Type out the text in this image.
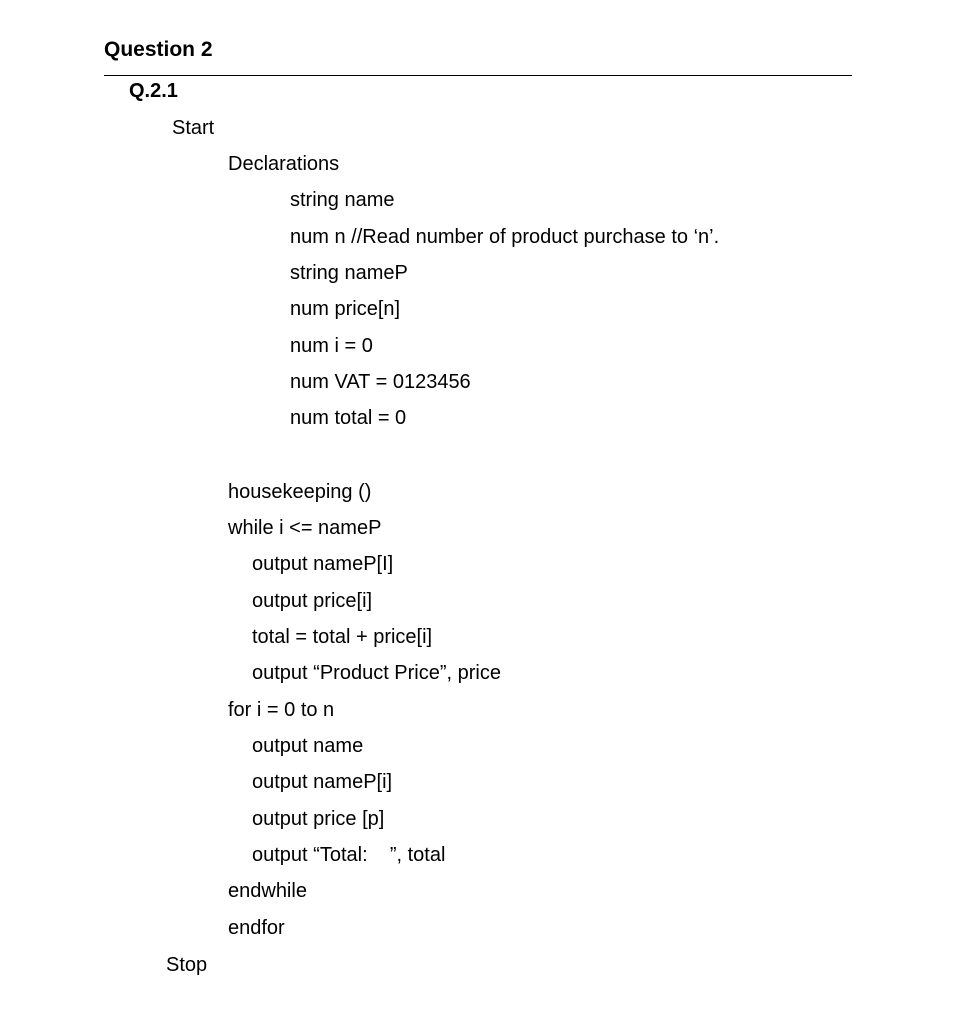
Question 2
Q.2.1
Start
Declarations
string name
num n //Read number of product purchase to ‘n’.
string nameP
num price[n]
num i = 0
num VAT = 0123456
num total = 0
housekeeping ()
while i <= nameP
output nameP[I]
output price[i]
total = total + price[i]
output “Product Price”, price
for i = 0 to n
output name
output nameP[i]
output price [p]
output “Total:    ”, total
endwhile
endfor
Stop
